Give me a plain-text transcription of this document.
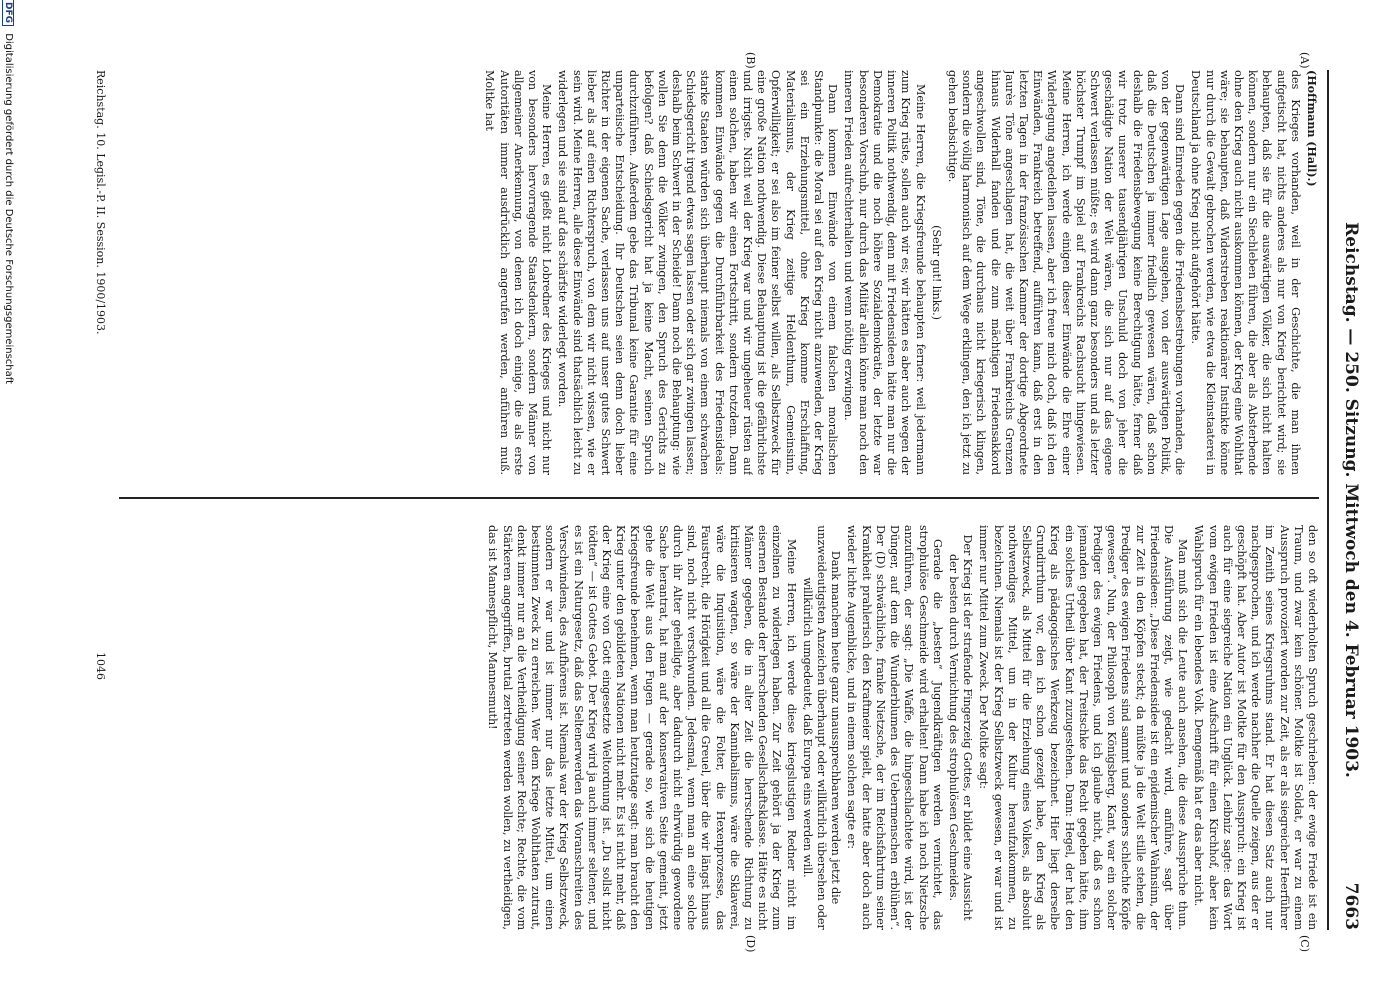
Reichstag. — 250. Sitzung. Mittwoch den 4. Februar 1903.
7663
(A)
(B)
(C)
(D)

(Hoffmann (Hall).)

des Krieges vorhanden, weil in der Geschichte, die man ihnen aufgetischt hat, nichts anderes als nur von Krieg berichtet wird; sie behaupten, daß sie für die auswärtigen Völker, die sich nicht halten können, sondern nur ein Siechleben führen, die aber als Absterbende ohne den Krieg auch nicht auskommen können, der Krieg eine Wohlthat wäre; sie behaupten, daß Widerstreben reaktionärer Instinkte könne nur durch die Gewalt gebrochen werden, wie etwa die Kleinstaaterei in Deutschland ja ohne Krieg nicht aufgehört hätte.

Dann sind Einreden gegen die Friedensbestrebungen vorhanden, die von der gegenwärtigen Lage ausgehen, von der auswärtigen Politik, daß die Deutschen ja immer friedlich gewesen wären, daß schon deshalb die Friedensbewegung keine Berechtigung hätte, ferner daß wir trotz unserer tausendjährigen Unschuld doch von jeher die geschädigte Nation der Welt wären, die sich nur auf das eigene Schwert verlassen müßte; es wird dann ganz besonders und als letzter höchster Trumpf im Spiel auf Frankreichs Rachsucht hingewiesen. Meine Herren, ich werde einigen dieser Einwände die Ehre einer Widerlegung angedeihen lassen, aber ich freue mich doch, daß ich den Einwänden, Frankreich betreffend, aufführen kann, daß erst in den letzten Tagen in der französischen Kammer der dortige Abgeordnete Jaurès Töne angeschlagen hat, die weit über Frankreichs Grenzen hinaus Widerhall fanden und die zum mächtigen Friedensakkord angeschwollen sind, Töne, die durchaus nicht kriegerisch klingen, sondern die völlig harmonisch auf dem Wege erklingen, den ich jetzt zu gehen beabsichtige.

(Sehr gut! links.)

Meine Herren, die Kriegsfreunde behaupten ferner: weil jedermann zum Krieg rüste, sollen auch wir es; wir hätten es aber auch wegen der inneren Politik nothwendig, denn mit Friedensideen hätte man nur die Demokratie und die noch höhere Sozialdemokratie, der letzte war besonderen Vorschub, nur durch das Militär allein könne man noch den inneren Frieden aufrechterhalten und wenn nöthig erzwingen.

Dann kommen Einwände von einem falschen moralischen Standpunkte: die Moral sei auf den Krieg nicht anzuwenden, der Krieg sei ein Erziehungsmittel, ohne Krieg komme Erschlaffung, Materialismus, der Krieg zeitige Heldenthum, Gemeinsinn, Opferwilligkeit; er sei also im feiner selbst willen, als Selbstzweck für eine große Nation nothwendig. Diese Behauptung ist die gefährlichste und irrigste. Nicht weil der Krieg war und wir ungeheuer rüsten auf einen solchen, haben wir einen Fortschritt, sondern trotzdem. Dann kommen Einwände gegen die Durchführbarkeit des Friedensideals: starke Staaten würden sich überhaupt niemals von einem schwachen Schiedsgericht irgend etwas sagen lassen oder sich gar zwingen lassen; deshalb beim Schwert in der Scheide! Dann noch die Behauptung: wie wollen Sie denn die Völker zwingen, den Spruch des Gerichts zu befolgen? daß Schiedsgericht hat ja keine Macht, seinen Spruch durchzuführen. Außerdem gebe das Tribunal keine Garantie für eine unparteiische Entscheidung. Ihr Deutschen seien denn doch lieber Richter in der eigenen Sache, verlassen uns auf unser gutes Schwert lieber als auf einen Richterspruch, von dem wir nicht wissen, wie er sein wird. Meine Herren, alle diese Einwände sind thatsächlich leicht zu widerlegen und sie sind auf das schärfste widerlegt worden.

Meine Herren, es gießt nicht Lobredner des Krieges und nicht nur von besonders hervorragende Staatsdenkern, sondern Männer von allgemeiner Anerkennung, von denen ich doch einige, die als erste Autoritäten immer ausdrücklich angerufen werden, anführen muß. Moltke hat

den so oft wiederholten Spruch geschrieben: der ewige Friede ist ein Traum, und zwar kein schöner. Moltke ist Soldat, er war zu einem Ausspruch provoziert worden zur Zeit, als er als siegreicher Heerführer im Zenith seines Kriegsruhms stand. Er hat diesen Satz auch nur nachgesprochen, und ich werde nachher die Quelle zeigen, aus der er geschöpft hat. Aber Autor ist Moltke für den Ausspruch: ein Krieg ist auch für eine siegreiche Nation ein Unglück. Leibniz sagte: das Wort vom ewigen Frieden ist eine Aufschrift für einen Kirchhof, aber kein Wahlspruch für ein lebendes Volk. Demgemäß hat er das aber nicht.

Man muß sich die Leute auch ansehen, die diese Aussprüche thun. Die Ausführung zeigt, wie gedacht wird, anführe, sagt über Friedensideen: „Diese Friedensidee ist ein epidemischer Wahnsinn, der zur Zeit in den Köpfen steckt; da müßte ja die Welt stille stehen, die Prediger des ewigen Friedens sind sammt und sonders schlechte Köpfe gewesen“. Nun, der Philosoph von Königsberg, Kant, war ein solcher Prediger des ewigen Friedens, und ich glaube nicht, daß es schon jemanden gegeben hat, der Treitschke das Recht gegeben hätte, ihm ein solches Urtheil über Kant zuzugestehen. Dann: Hegel, der hat den Krieg als pädagogisches Werkzeug bezeichnet. Hier liegt derselbe Grundirrthum vor, den ich schon gezeigt habe, den Krieg als Selbstzweck, als Mittel für die Erziehung eines Volkes, als absolut nothwendiges Mittel, um in der Kultur heraufzukommen, zu bezeichnen. Niemals ist der Krieg Selbstzweck gewesen, er war und ist immer nur Mittel zum Zweck. Der Moltke sagt:

Der Krieg ist der strafende Fingerzeig Gottes, er bildet eine Aussicht der besten durch Vernichtung des strophulösen Geschmeides.

Gerade die „besten“ Jugendkräftigen werden vernichtet, das strophulöse Geschmeide wird erhalten! Dann habe ich noch Nietzsche anzuführen, der sagt: „Die Waffe, die hingeschlachtete wird, ist der Dünger, auf dem die Wunderblumen des Uebermenschen erblühen“. Der (D) schwächliche, franke Nietzsche, der im Reichsfahrtum seiner Krankheit prahlerisch den Kraftmeier spielt, der hatte aber doch auch wieder lichte Augenblicke, und in einem solchen sagte er:

Dank manchem heute ganz unaussprechbaren werden jetzt die unzweideutigsten Anzeichen überhaupt oder willkürlich übersehen oder willkürlich umgedeutet, daß Europa eins werden will.

Meine Herren, ich werde diese kriegslustigen Redner nicht im einzelnen zu widerlegen haben. Zur Zeit gehört ja der Krieg zum eisernen Bestande der herrschenden Gesellschaftsklasse. Hätte es nicht Männer gegeben, die in alter Zeit die herrschende Richtung zu kritisieren wagten, so wäre der Kannibalismus, wäre die Sklaverei, wäre die Inquisition, wäre die Folter, die Hexenprozesse, das Faustrecht, die Hörigkeit und all die Greuel, über die wir längst hinaus sind, noch nicht verschwunden. Jedesmal, wenn man an eine solche durch ihr Alter geheiligte, aber dadurch nicht ehrwürdig gewordene Sache herantrat, hat man auf der konservativen Seite gemeint, jetzt gehe die Welt aus den Fugen — gerade so, wie sich die heutigen Kriegsfreunde benehmen, wenn man heutzutage sagt: man braucht den Krieg unter den gebildeten Nationen nicht mehr. Es ist nicht mehr, daß der Krieg eine von Gott eingesetzte Weltordnung ist. „Du sollst nicht tödten“ — ist Gottes Gebot. Der Krieg wird ja auch immer seltener, und es ist ein Naturgesetz, daß das Seltenerwerden das Voranschreiten des Verschwindens, des Aufhörens ist. Niemals war der Krieg Selbstzweck, sondern er war und ist immer nur das letzte Mittel, um einen bestimmten Zweck zu erreichen. Wer dem Kriege Wohlthaten zutraut, denkt immer nur an die Vertheidigung seiner Rechte; Rechte, die vom Stärkeren angegriffen, brutal zertreten werden wollen, zu vertheidigen, das ist Mannespflicht, Mannesmuth!

Reichstag. 10. Legisl.-P. II. Session. 1900/1903.
1046
DFG Digitalisierung gefördert durch die Deutsche Forschungsgemeinschaft
